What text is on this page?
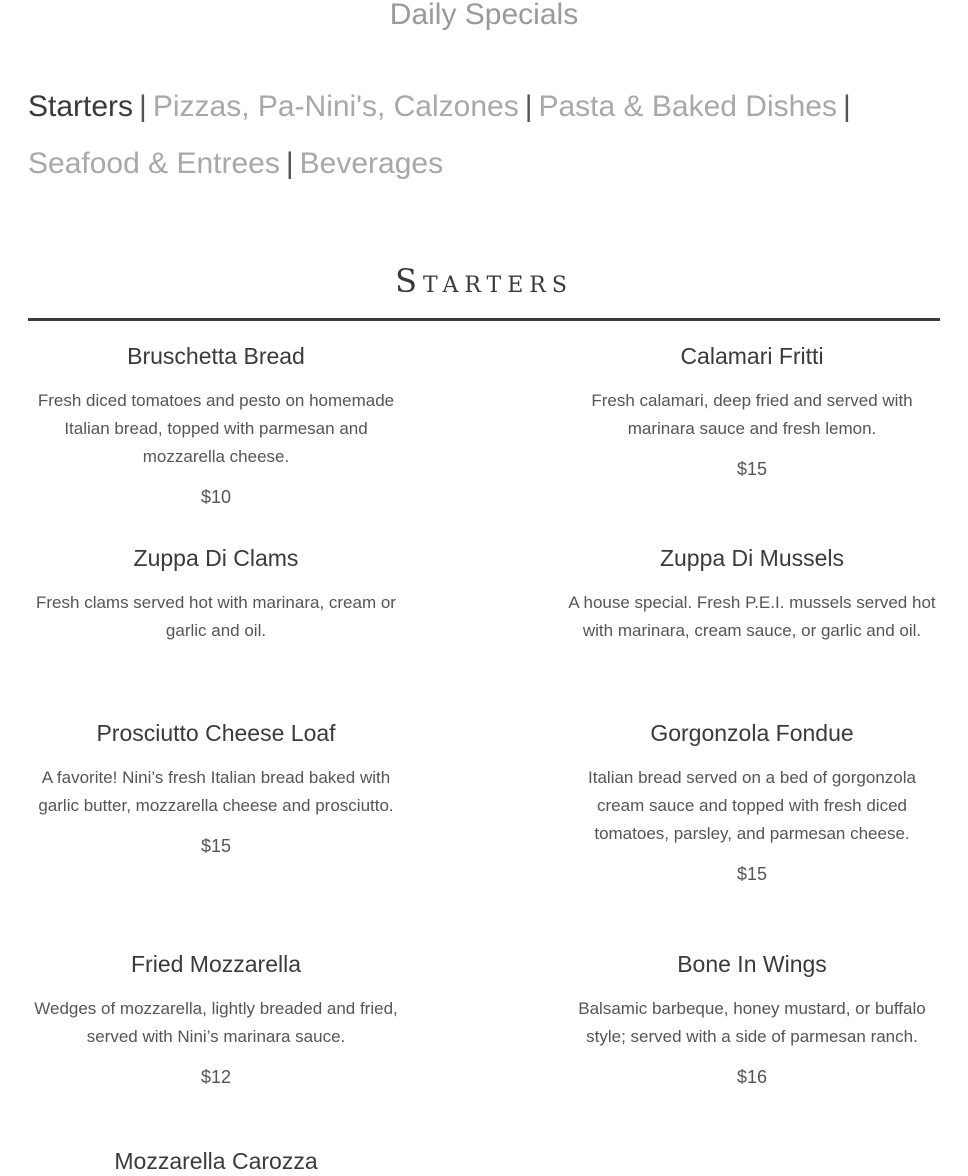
Daily Specials
Starters | Pizzas, Pa-Nini's, Calzones | Pasta & Baked Dishes |
Seafood & Entrees | Beverages
Starters
Bruschetta Bread
Fresh diced tomatoes and pesto on homemade Italian bread, topped with parmesan and mozzarella cheese.
$10
Calamari Fritti
Fresh calamari, deep fried and served with marinara sauce and fresh lemon.
$15
Zuppa Di Clams
Fresh clams served hot with marinara, cream or garlic and oil.
Zuppa Di Mussels
A house special. Fresh P.E.I. mussels served hot with marinara, cream sauce, or garlic and oil.
Prosciutto Cheese Loaf
A favorite! Nini’s fresh Italian bread baked with garlic butter, mozzarella cheese and prosciutto.
$15
Gorgonzola Fondue
Italian bread served on a bed of gorgonzola cream sauce and topped with fresh diced tomatoes, parsley, and parmesan cheese.
$15
Fried Mozzarella
Wedges of mozzarella, lightly breaded and fried, served with Nini’s marinara sauce.
$12
Bone In Wings
Balsamic barbeque, honey mustard, or buffalo style; served with a side of parmesan ranch.
$16
Mozzarella Carozza
